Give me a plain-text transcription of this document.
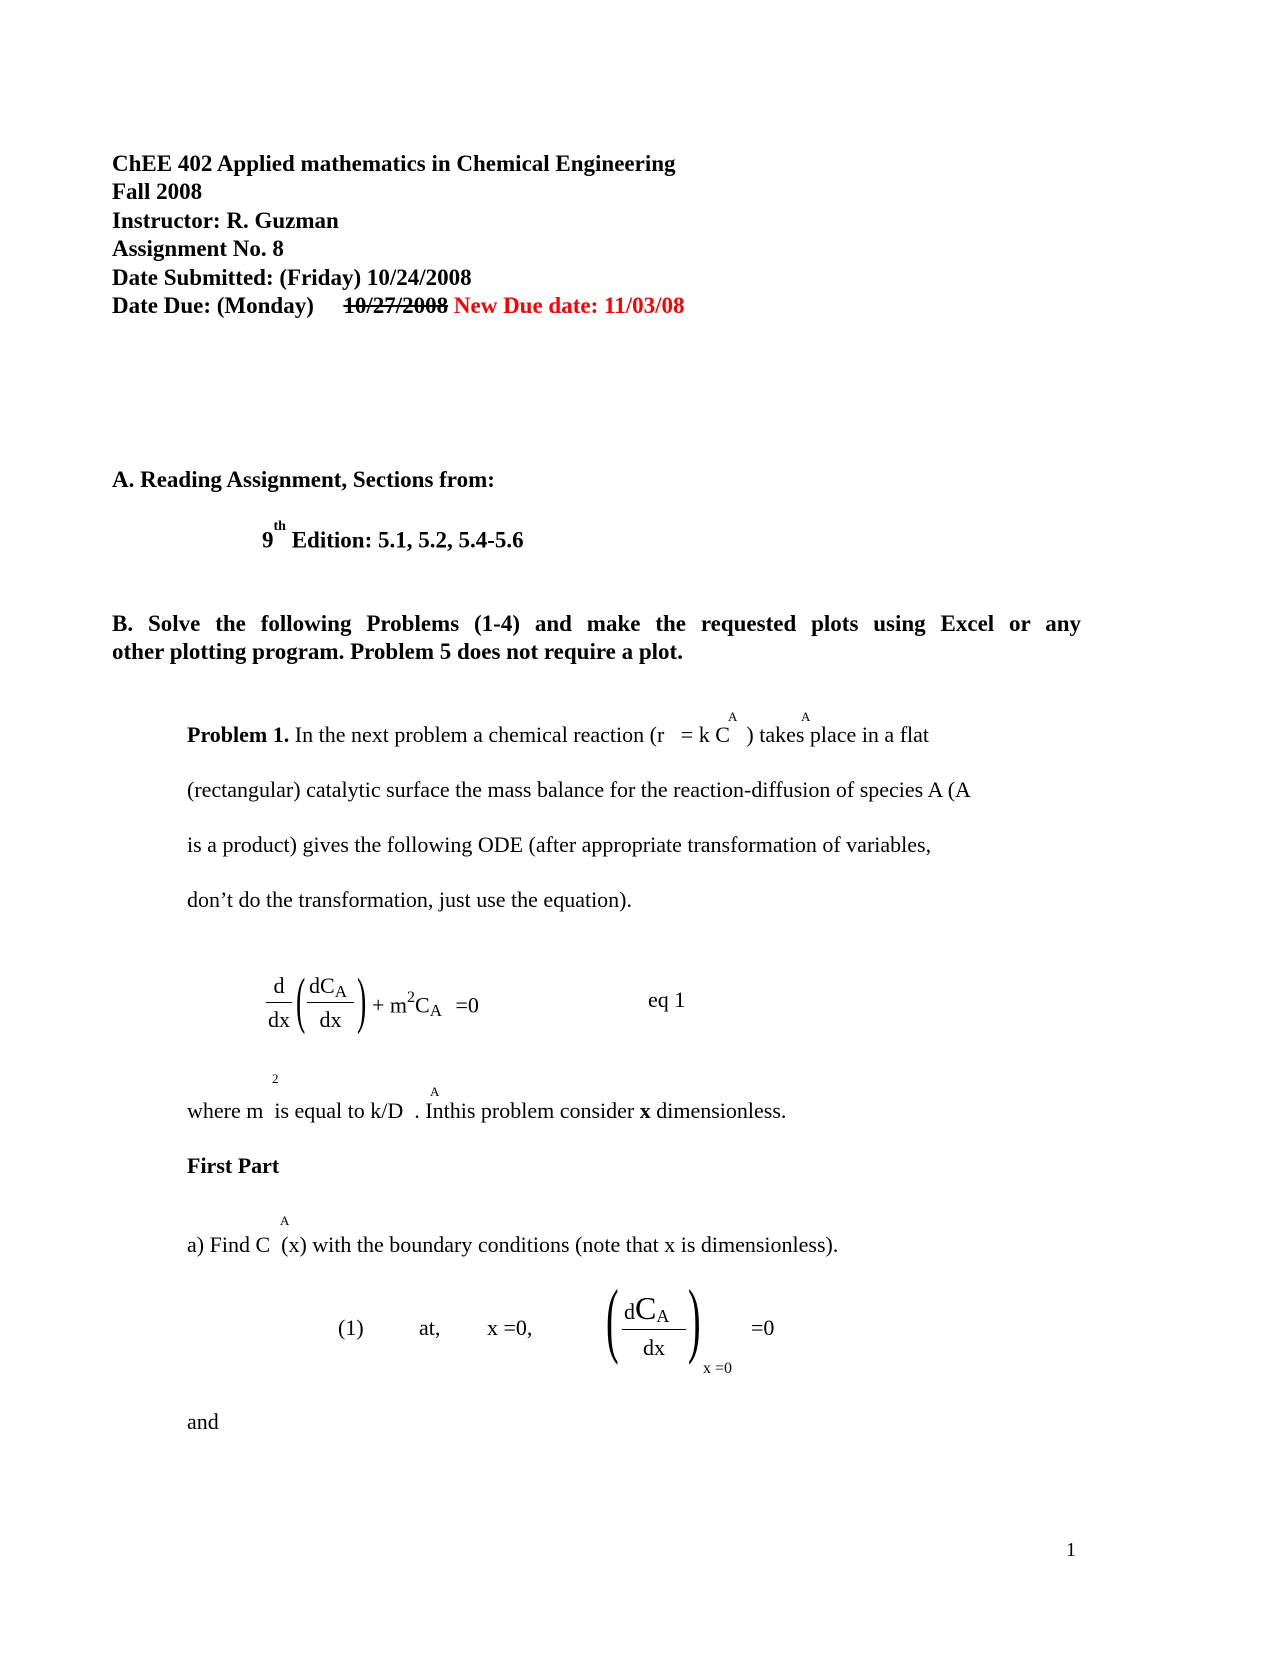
ChEE 402 Applied mathematics in Chemical Engineering
Fall 2008
Instructor: R. Guzman
Assignment No. 8
Date Submitted: (Friday) 10/24/2008
Date Due: (Monday) 10/27/2008 New Due date: 11/03/08
A. Reading Assignment, Sections from:
9th Edition: 5.1, 5.2, 5.4-5.6
B. Solve the following Problems (1-4) and make the requested plots using Excel or any
other plotting program. Problem 5 does not require a plot.
A	A
Problem 1. In the next problem a chemical reaction (r   = k C   ) takes place in a flat
(rectangular) catalytic surface the mass balance for the reaction-diffusion of species A (A
is a product) gives the following ODE (after appropriate transformation of variables,
don’t do the transformation, just use the equation).
d
dx ( dCA
dx ) + $m^2CA =0$	eq 1
2
A
where m  is equal to k/D  . Inthis problem consider x dimensionless.
First Part
A
a) Find C  (x) with the boundary conditions (note that x is dimensionless).
(1)	at, x =0, ( dCA
dx )
x =0
=0
and
1
